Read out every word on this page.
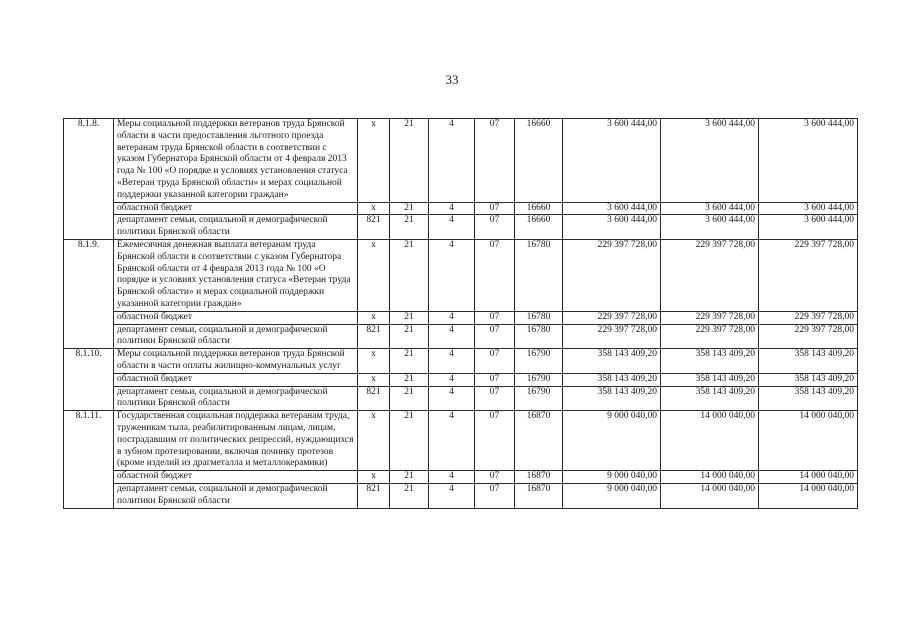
33
8.1.8.	Меры социальной поддержки ветеранов труда Брянской области в части предоставления льготного проезда ветеранам труда Брянской области в соответствии с указом Губернатора Брянской области от 4 февраля 2013 года № 100 «О порядке и условиях установления статуса «Ветеран труда Брянской области» и мерах социальной поддержки указанной категории граждан»	x	21	4	07	16660	3 600 444,00	3 600 444,00	3 600 444,00
	областной бюджет	x	21	4	07	16660	3 600 444,00	3 600 444,00	3 600 444,00
	департамент семьи, социальной и демографической политики Брянской области	821	21	4	07	16660	3 600 444,00	3 600 444,00	3 600 444,00
8.1.9.	Ежемесячная денежная выплата ветеранам труда Брянской области в соответствии с указом Губернатора Брянской области от 4 февраля 2013 года № 100 «О порядке и условиях установления статуса «Ветеран труда Брянской области» и мерах социальной поддержки указанной категории граждан»	x	21	4	07	16780	229 397 728,00	229 397 728,00	229 397 728,00
	областной бюджет	x	21	4	07	16780	229 397 728,00	229 397 728,00	229 397 728,00
	департамент семьи, социальной и демографической политики Брянской области	821	21	4	07	16780	229 397 728,00	229 397 728,00	229 397 728,00
8.1.10.	Меры социальной поддержки ветеранов труда Брянской области в части оплаты жилищно-коммунальных услуг	x	21	4	07	16790	358 143 409,20	358 143 409,20	358 143 409,20
	областной бюджет	x	21	4	07	16790	358 143 409,20	358 143 409,20	358 143 409,20
	департамент семьи, социальной и демографической политики Брянской области	821	21	4	07	16790	358 143 409,20	358 143 409,20	358 143 409,20
8.1.11.	Государственная социальная поддержка ветеранам труда, труженикам тыла, реабилитированным лицам, лицам, пострадавшим от политических репрессий, нуждающихся в зубном протезировании, включая починку протезов (кроме изделий из драгметалла и металлокерамики)	x	21	4	07	16870	9 000 040,00	14 000 040,00	14 000 040,00
	областной бюджет	x	21	4	07	16870	9 000 040,00	14 000 040,00	14 000 040,00
	департамент семьи, социальной и демографической политики Брянской области	821	21	4	07	16870	9 000 040,00	14 000 040,00	14 000 040,00
